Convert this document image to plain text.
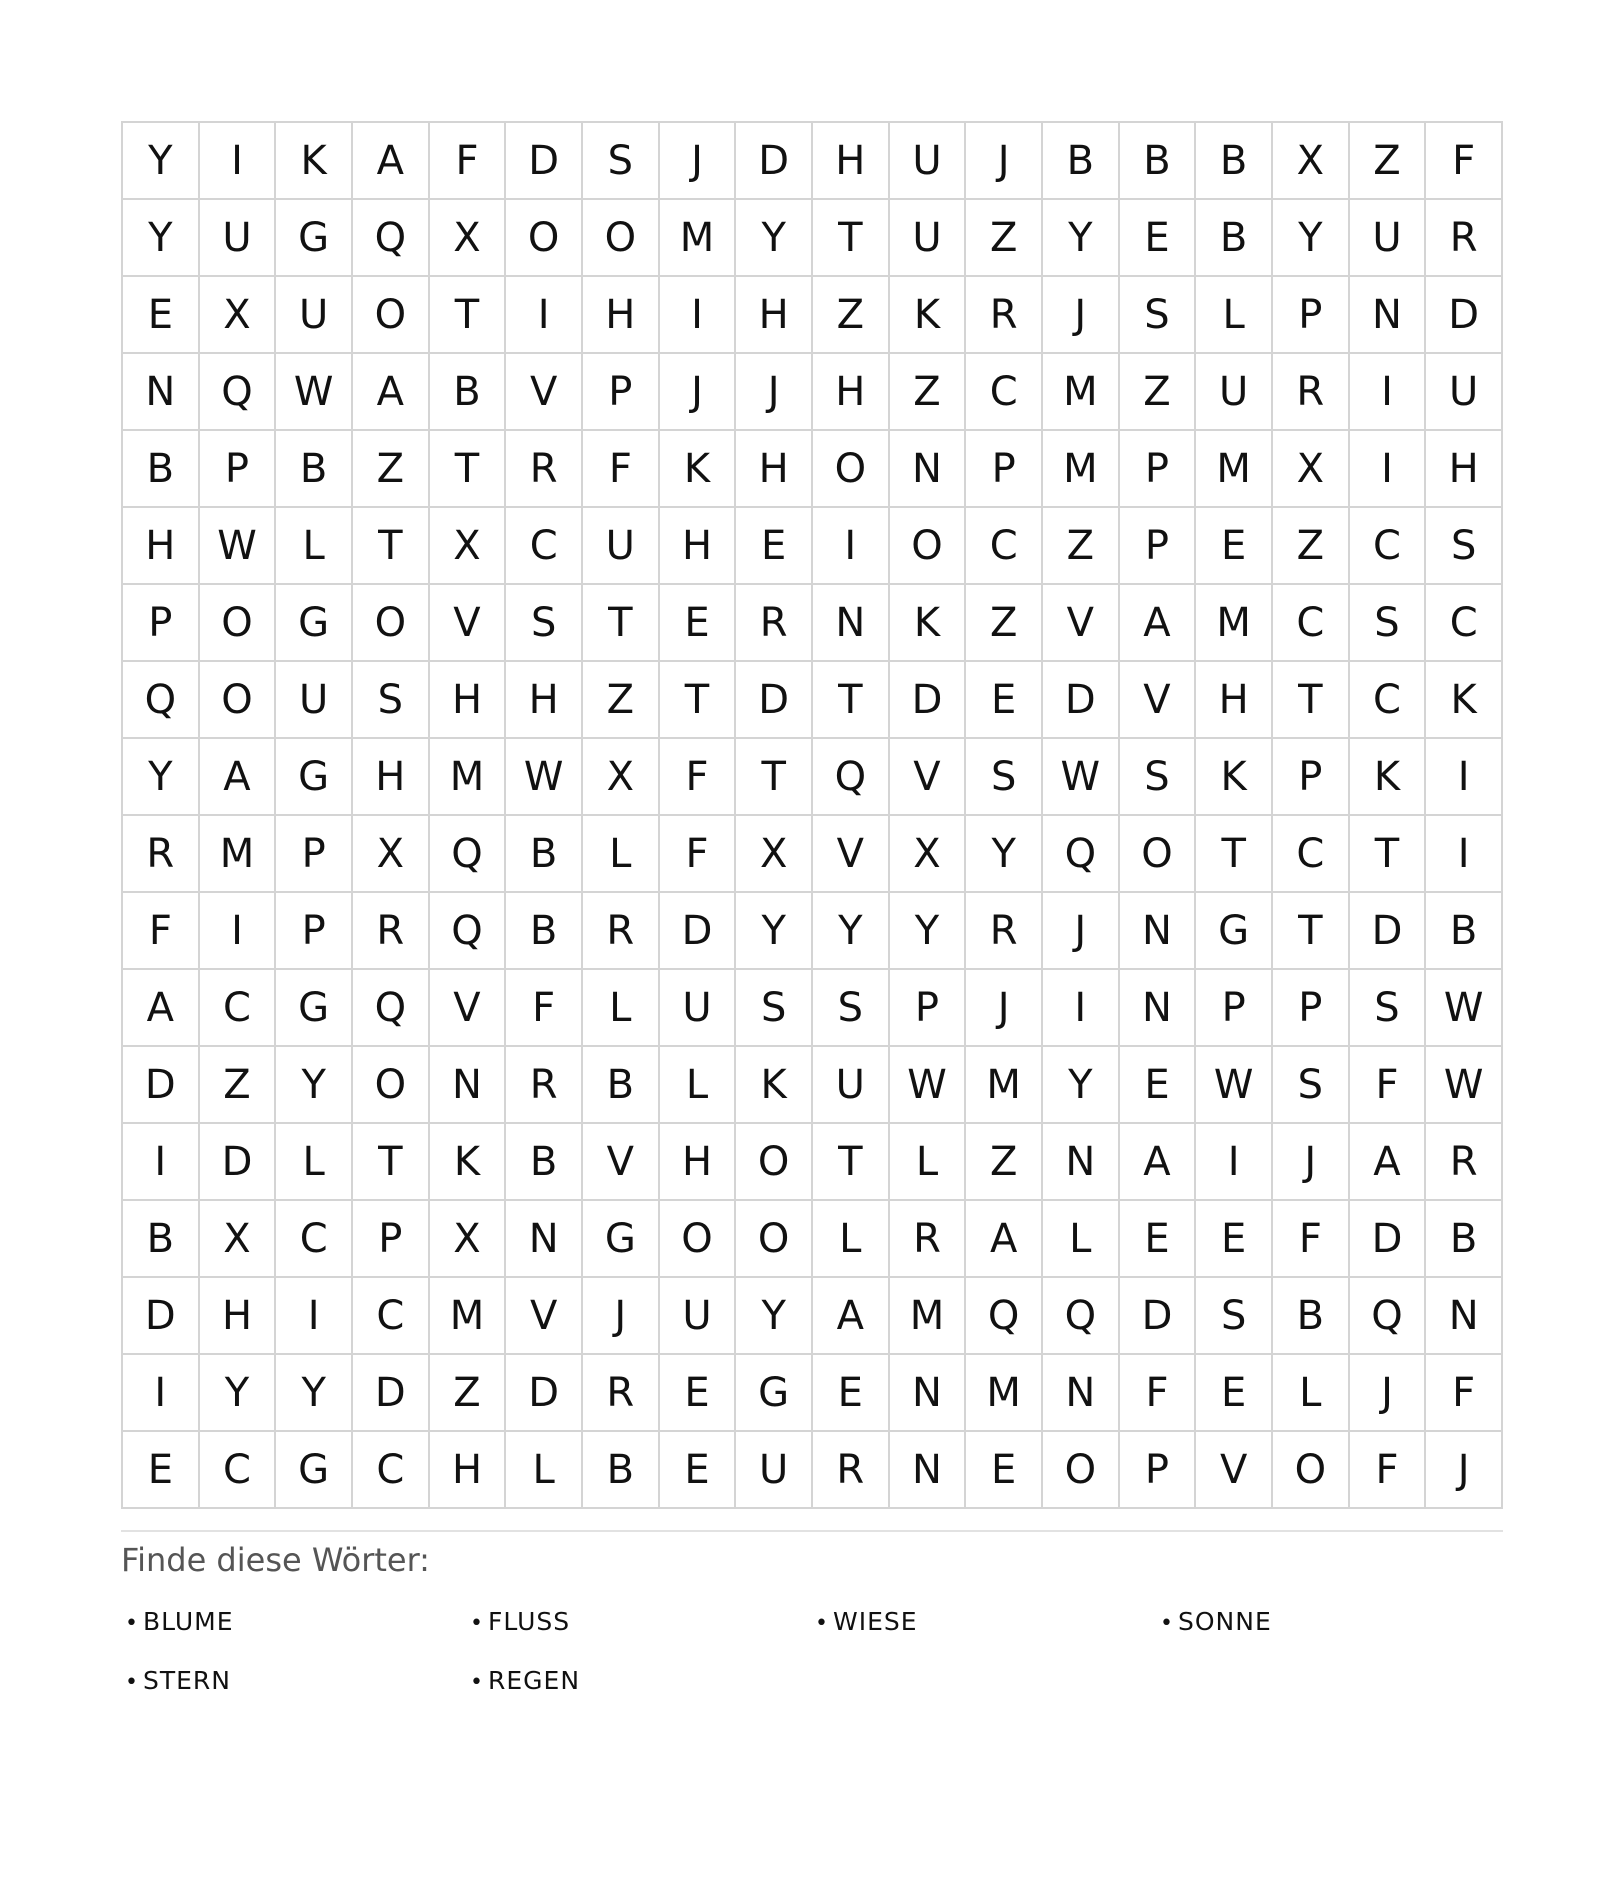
Y	I	K	A	F	D	S	J	D	H	U	J	B	B	B	X	Z	F
Y	U	G	Q	X	O	O	M	Y	T	U	Z	Y	E	B	Y	U	R
E	X	U	O	T	I	H	I	H	Z	K	R	J	S	L	P	N	D
N	Q	W	A	B	V	P	J	J	H	Z	C	M	Z	U	R	I	U
B	P	B	Z	T	R	F	K	H	O	N	P	M	P	M	X	I	H
H	W	L	T	X	C	U	H	E	I	O	C	Z	P	E	Z	C	S
P	O	G	O	V	S	T	E	R	N	K	Z	V	A	M	C	S	C
Q	O	U	S	H	H	Z	T	D	T	D	E	D	V	H	T	C	K
Y	A	G	H	M W	X	F	T	Q	V	S	W	S	K	P	K	I
R	M	P	X	Q	B	L	F	X	V	X	Y	Q	O	T	C	T	I
F	I	P	R	Q	B	R	D	Y	Y	Y	R	J	N	G	T	D	B
A	C	G	Q	V	F	L	U	S	S	P	J	I	N	P	P	S	W
D	Z	Y	O	N	R	B	L	K	U	W M	Y	E	W	S	F	W
I	D	L	T	K	B	V	H	O	T	L	Z	N	A	I	J	A	R
B	X	C	P	X	N	G	O	O	L	R	A	L	E	E	F	D	B
D	H	I	C	M	V	J	U	Y	A	M	Q	Q	D	S	B	Q	N
I	Y	Y	D	Z	D	R	E	G	E	N	M	N	F	E	L	J	F
E	C	G	C	H	L	B	E	U	R	N	E	O	P	V	O	F	J
Finde diese Wörter:
• BLUME	• FLUSS	• WIESE	• SONNE
• STERN	• REGEN
